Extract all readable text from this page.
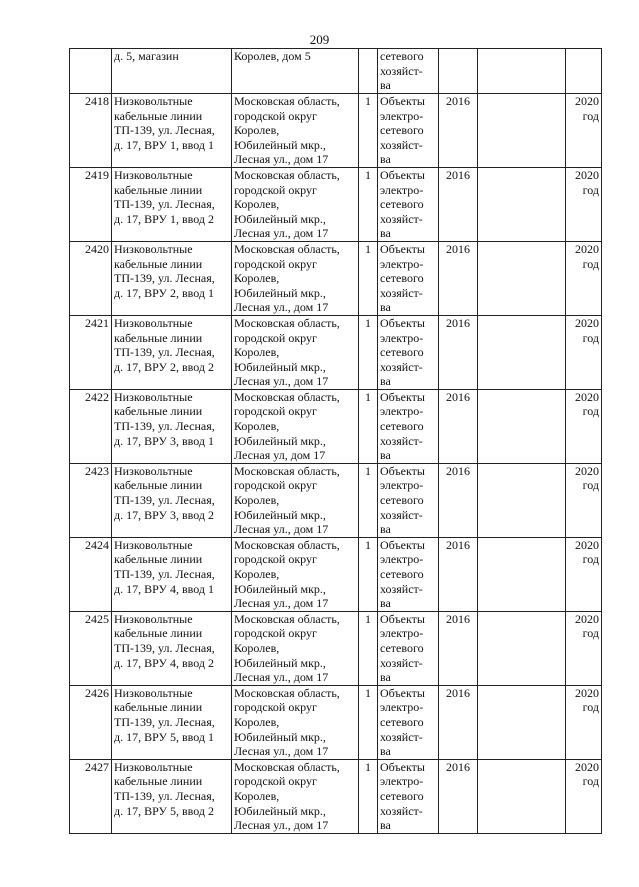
209

	д. 5, магазин	Королев, дом 5		сетевого
хозяйст-
ва			

2418	Низковольтные
кабельные линии
ТП-139, ул. Лесная,
д. 17, ВРУ 1, ввод 1	Московская область,
городской округ
Королев,
Юбилейный мкр.,
Лесная ул., дом 17	1	Объекты
электро-
сетевого
хозяйст-
ва	2016		2020
год

2419	Низковольтные
кабельные линии
ТП-139, ул. Лесная,
д. 17, ВРУ 1, ввод 2	Московская область,
городской округ
Королев,
Юбилейный мкр.,
Лесная ул., дом 17	1	Объекты
электро-
сетевого
хозяйст-
ва	2016		2020
год

2420	Низковольтные
кабельные линии
ТП-139, ул. Лесная,
д. 17, ВРУ 2, ввод 1	Московская область,
городской округ
Королев,
Юбилейный мкр.,
Лесная ул., дом 17	1	Объекты
электро-
сетевого
хозяйст-
ва	2016		2020
год

2421	Низковольтные
кабельные линии
ТП-139, ул. Лесная,
д. 17, ВРУ 2, ввод 2	Московская область,
городской округ
Королев,
Юбилейный мкр.,
Лесная ул., дом 17	1	Объекты
электро-
сетевого
хозяйст-
ва	2016		2020
год

2422	Низковольтные
кабельные линии
ТП-139, ул. Лесная,
д. 17, ВРУ 3, ввод 1	Московская область,
городской округ
Королев,
Юбилейный мкр.,
Лесная ул, дом 17	1	Объекты
электро-
сетевого
хозяйст-
ва	2016		2020
год

2423	Низковольтные
кабельные линии
ТП-139, ул. Лесная,
д. 17, ВРУ 3, ввод 2	Московская область,
городской округ
Королев,
Юбилейный мкр.,
Лесная ул., дом 17	1	Объекты
электро-
сетевого
хозяйст-
ва	2016		2020
год

2424	Низковольтные
кабельные линии
ТП-139, ул. Лесная,
д. 17, ВРУ 4, ввод 1	Московская область,
городской округ
Королев,
Юбилейный мкр.,
Лесная ул., дом 17	1	Объекты
электро-
сетевого
хозяйст-
ва	2016		2020
год

2425	Низковольтные
кабельные линии
ТП-139, ул. Лесная,
д. 17, ВРУ 4, ввод 2	Московская область,
городской округ
Королев,
Юбилейный мкр.,
Лесная ул., дом 17	1	Объекты
электро-
сетевого
хозяйст-
ва	2016		2020
год

2426	Низковольтные
кабельные линии
ТП-139, ул. Лесная,
д. 17, ВРУ 5, ввод 1	Московская область,
городской округ
Королев,
Юбилейный мкр.,
Лесная ул., дом 17	1	Объекты
электро-
сетевого
хозяйст-
ва	2016		2020
год

2427	Низковольтные
кабельные линии
ТП-139, ул. Лесная,
д. 17, ВРУ 5, ввод 2	Московская область,
городской округ
Королев,
Юбилейный мкр.,
Лесная ул., дом 17	1	Объекты
электро-
сетевого
хозяйст-
ва	2016		2020
год
